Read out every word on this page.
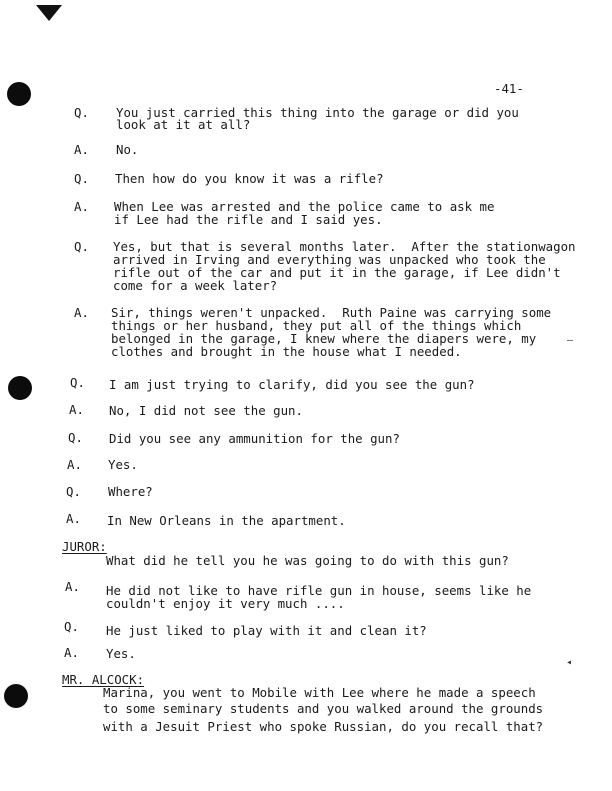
–
◂
-41-
Q.	You just carried this thing into the garage or did you
look at it at all?
A.	No.
Q.	Then how do you know it was a rifle?
A.	When Lee was arrested and the police came to ask me
if Lee had the rifle and I said yes.
Q.	Yes, but that is several months later.  After the stationwagon
arrived in Irving and everything was unpacked who took the
rifle out of the car and put it in the garage, if Lee didn't
come for a week later?
A.	Sir, things weren't unpacked.  Ruth Paine was carrying some
things or her husband, they put all of the things which
belonged in the garage, I knew where the diapers were, my
clothes and brought in the house what I needed.
Q.	I am just trying to clarify, did you see the gun?
A.	No, I did not see the gun.
Q.	Did you see any ammunition for the gun?
A.	Yes.
Q.	Where?
A.	In New Orleans in the apartment.
JUROR:
What did he tell you he was going to do with this gun?
A.	He did not like to have rifle gun in house, seems like he
couldn't enjoy it very much ....
Q.	He just liked to play with it and clean it?
A.	Yes.
MR. ALCOCK:
Marina, you went to Mobile with Lee where he made a speech
to some seminary students and you walked around the grounds
with a Jesuit Priest who spoke Russian, do you recall that?
